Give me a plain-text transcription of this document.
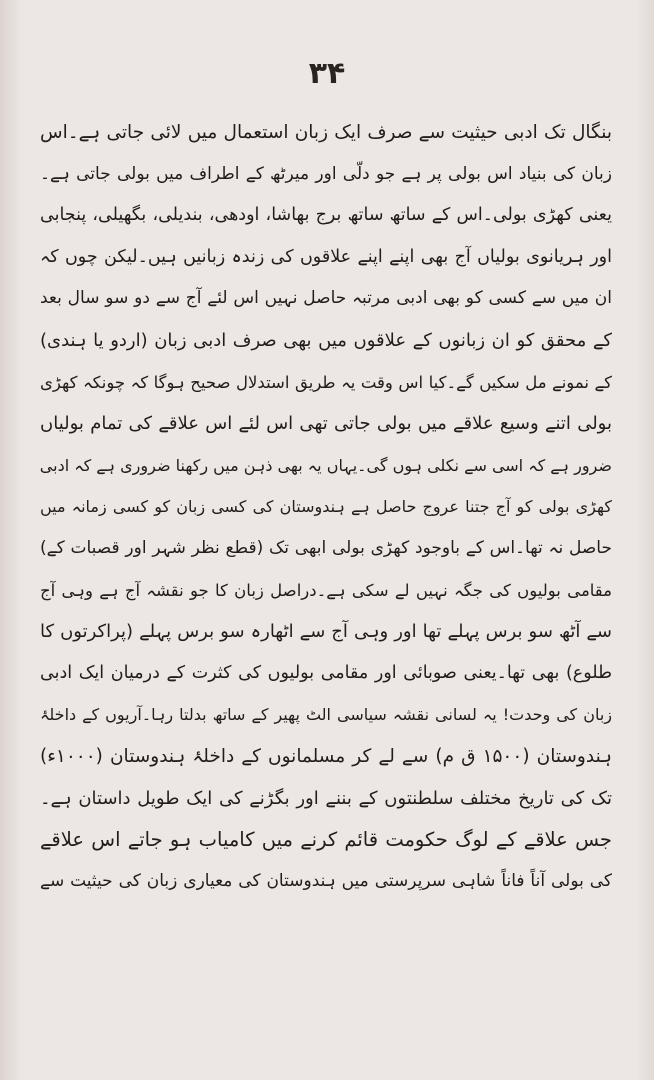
۳۴
بنگال تک ادبی حیثیت سے صرف ایک زبان استعمال میں لائی جاتی ہے۔اس
زبان کی بنیاد اس بولی پر ہے جو دلّی اور میرٹھ کے اطراف میں بولی جاتی ہے۔
یعنی کھڑی بولی۔اس کے ساتھ ساتھ برج بھاشا، اودھی، بندیلی، بگھیلی، پنجابی
اور ہریانوی بولیاں آج بھی اپنے اپنے علاقوں کی زندہ زبانیں ہیں۔لیکن چوں کہ
ان میں سے کسی کو بھی ادبی مرتبہ حاصل نہیں اس لئے آج سے دو سو سال بعد
کے محقق کو ان زبانوں کے علاقوں میں بھی صرف ادبی زبان (اردو یا ہندی)
کے نمونے مل سکیں گے۔کیا اس وقت یہ طریق استدلال صحیح ہوگا کہ چونکہ کھڑی
بولی اتنے وسیع علاقے میں بولی جاتی تھی اس لئے اس علاقے کی تمام بولیاں
ضرور ہے کہ اسی سے نکلی ہوں گی۔یہاں یہ بھی ذہن میں رکھنا ضروری ہے کہ ادبی
کھڑی بولی کو آج جتنا عروج حاصل ہے ہندوستان کی کسی زبان کو کسی زمانہ میں
حاصل نہ تھا۔اس کے باوجود کھڑی بولی ابھی تک (قطع نظر شہر اور قصبات کے)
مقامی بولیوں کی جگہ نہیں لے سکی ہے۔دراصل زبان کا جو نقشہ آج ہے وہی آج
سے آٹھ سو برس پہلے تھا اور وہی آج سے اٹھارہ سو برس پہلے (پراکرتوں کا
طلوع) بھی تھا۔یعنی صوبائی اور مقامی بولیوں کی کثرت کے درمیان ایک ادبی
زبان کی وحدت! یہ لسانی نقشہ سیاسی الٹ پھیر کے ساتھ بدلتا رہا۔آریوں کے داخلۂ
ہندوستان (۱۵۰۰ ق م) سے لے کر مسلمانوں کے داخلۂ ہندوستان (۱۰۰۰ء)
تک کی تاریخ مختلف سلطنتوں کے بننے اور بگڑنے کی ایک طویل داستان ہے۔
جس علاقے کے لوگ حکومت قائم کرنے میں کامیاب ہو جاتے اس علاقے
کی بولی آناً فاناً شاہی سرپرستی میں ہندوستان کی معیاری زبان کی حیثیت سے
